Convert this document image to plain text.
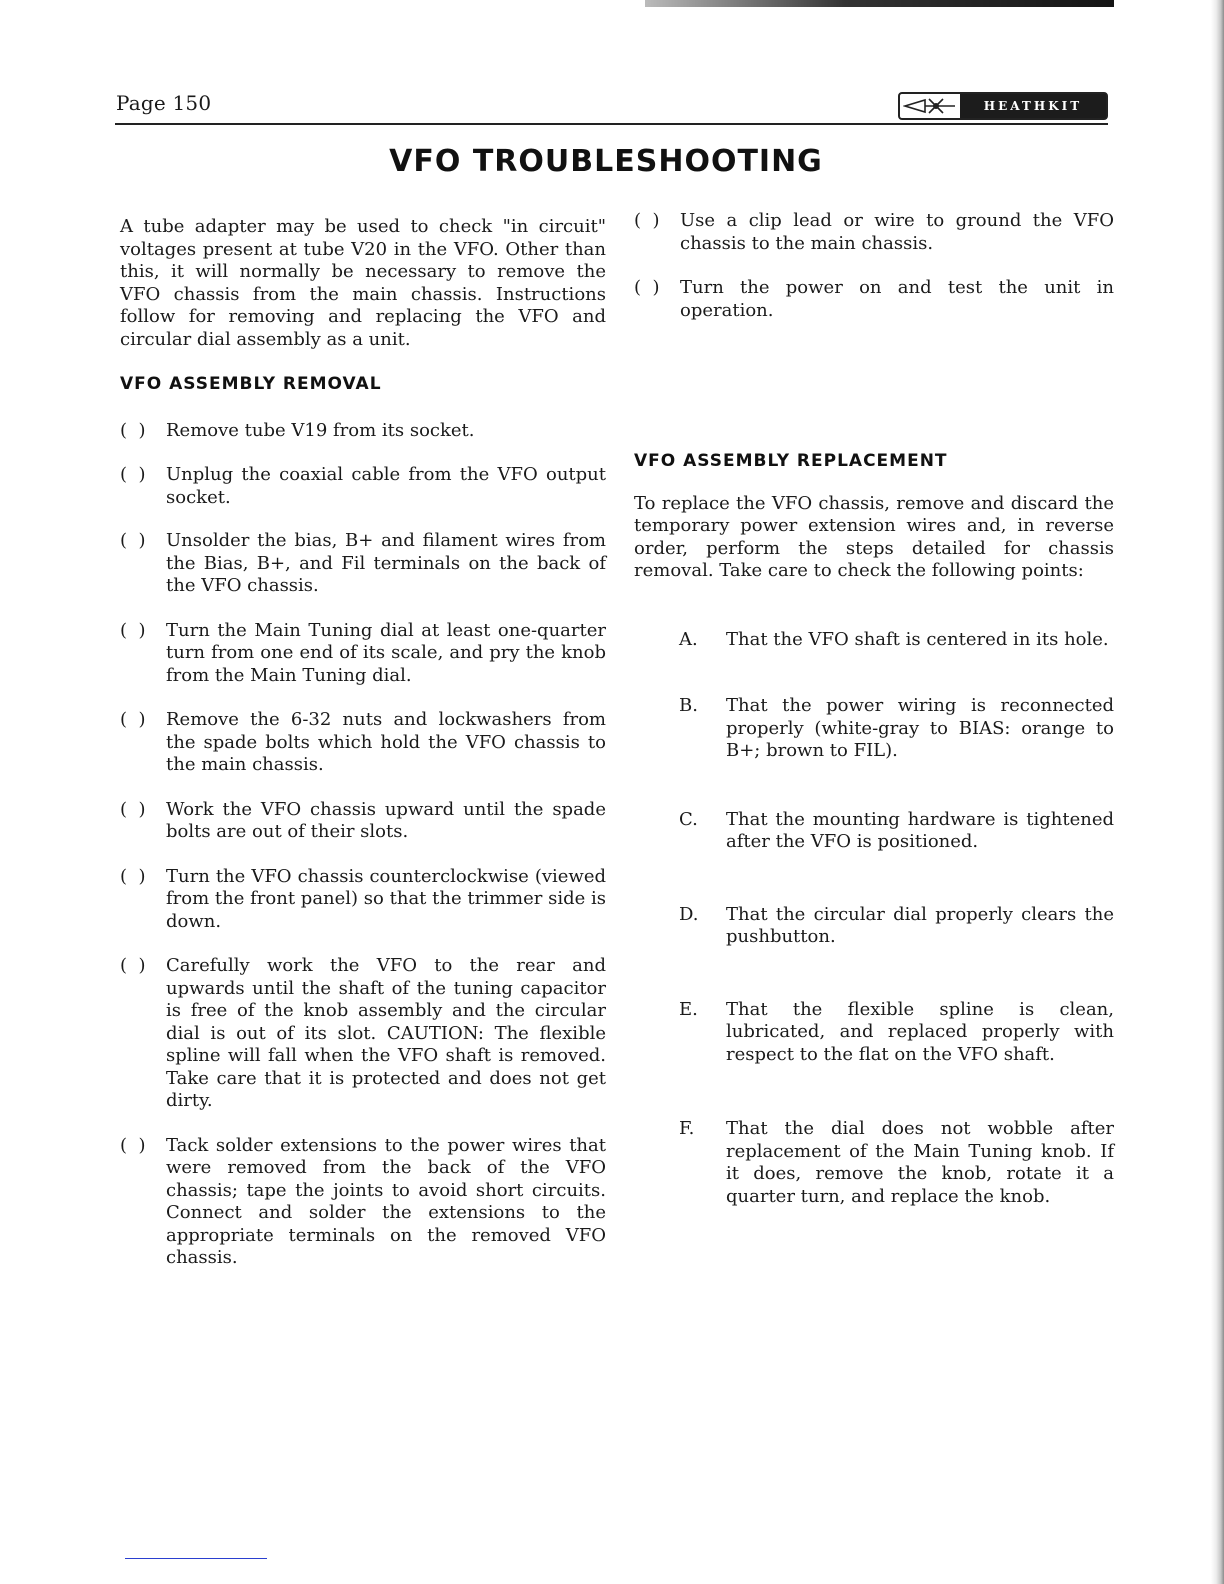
Page 150	HEATHKIT
VFO TROUBLESHOOTING

A tube adapter may be used to check "in circuit" voltages present at tube V20 in the VFO. Other than this, it will normally be necessary to remove the VFO chassis from the main chassis. Instructions follow for removing and replacing the VFO and circular dial assembly as a unit.

VFO ASSEMBLY REMOVAL
(  )	Remove tube V19 from its socket.
(  )	Unplug the coaxial cable from the VFO output socket.
(  )	Unsolder the bias, B+ and filament wires from the Bias, B+, and Fil terminals on the back of the VFO chassis.
(  )	Turn the Main Tuning dial at least one-quarter turn from one end of its scale, and pry the knob from the Main Tuning dial.
(  )	Remove the 6-32 nuts and lockwashers from the spade bolts which hold the VFO chassis to the main chassis.
(  )	Work the VFO chassis upward until the spade bolts are out of their slots.
(  )	Turn the VFO chassis counterclockwise (viewed from the front panel) so that the trimmer side is down.
(  )	Carefully work the VFO to the rear and upwards until the shaft of the tuning capacitor is free of the knob assembly and the circular dial is out of its slot. CAUTION: The flexible spline will fall when the VFO shaft is removed. Take care that it is protected and does not get dirty.
(  )	Tack solder extensions to the power wires that were removed from the back of the VFO chassis; tape the joints to avoid short circuits. Connect and solder the extensions to the appropriate terminals on the removed VFO chassis.
(  )	Use a clip lead or wire to ground the VFO chassis to the main chassis.
(  )	Turn the power on and test the unit in operation.
VFO ASSEMBLY REPLACEMENT

To replace the VFO chassis, remove and discard the temporary power extension wires and, in reverse order, perform the steps detailed for chassis removal. Take care to check the following points:

A.	That the VFO shaft is centered in its hole.
B.	That the power wiring is reconnected properly (white-gray to BIAS: orange to B+; brown to FIL).
C.	That the mounting hardware is tightened after the VFO is positioned.
D.	That the circular dial properly clears the pushbutton.
E.	That the flexible spline is clean, lubricated, and replaced properly with respect to the flat on the VFO shaft.
F.	That the dial does not wobble after replacement of the Main Tuning knob. If it does, remove the knob, rotate it a quarter turn, and replace the knob.
